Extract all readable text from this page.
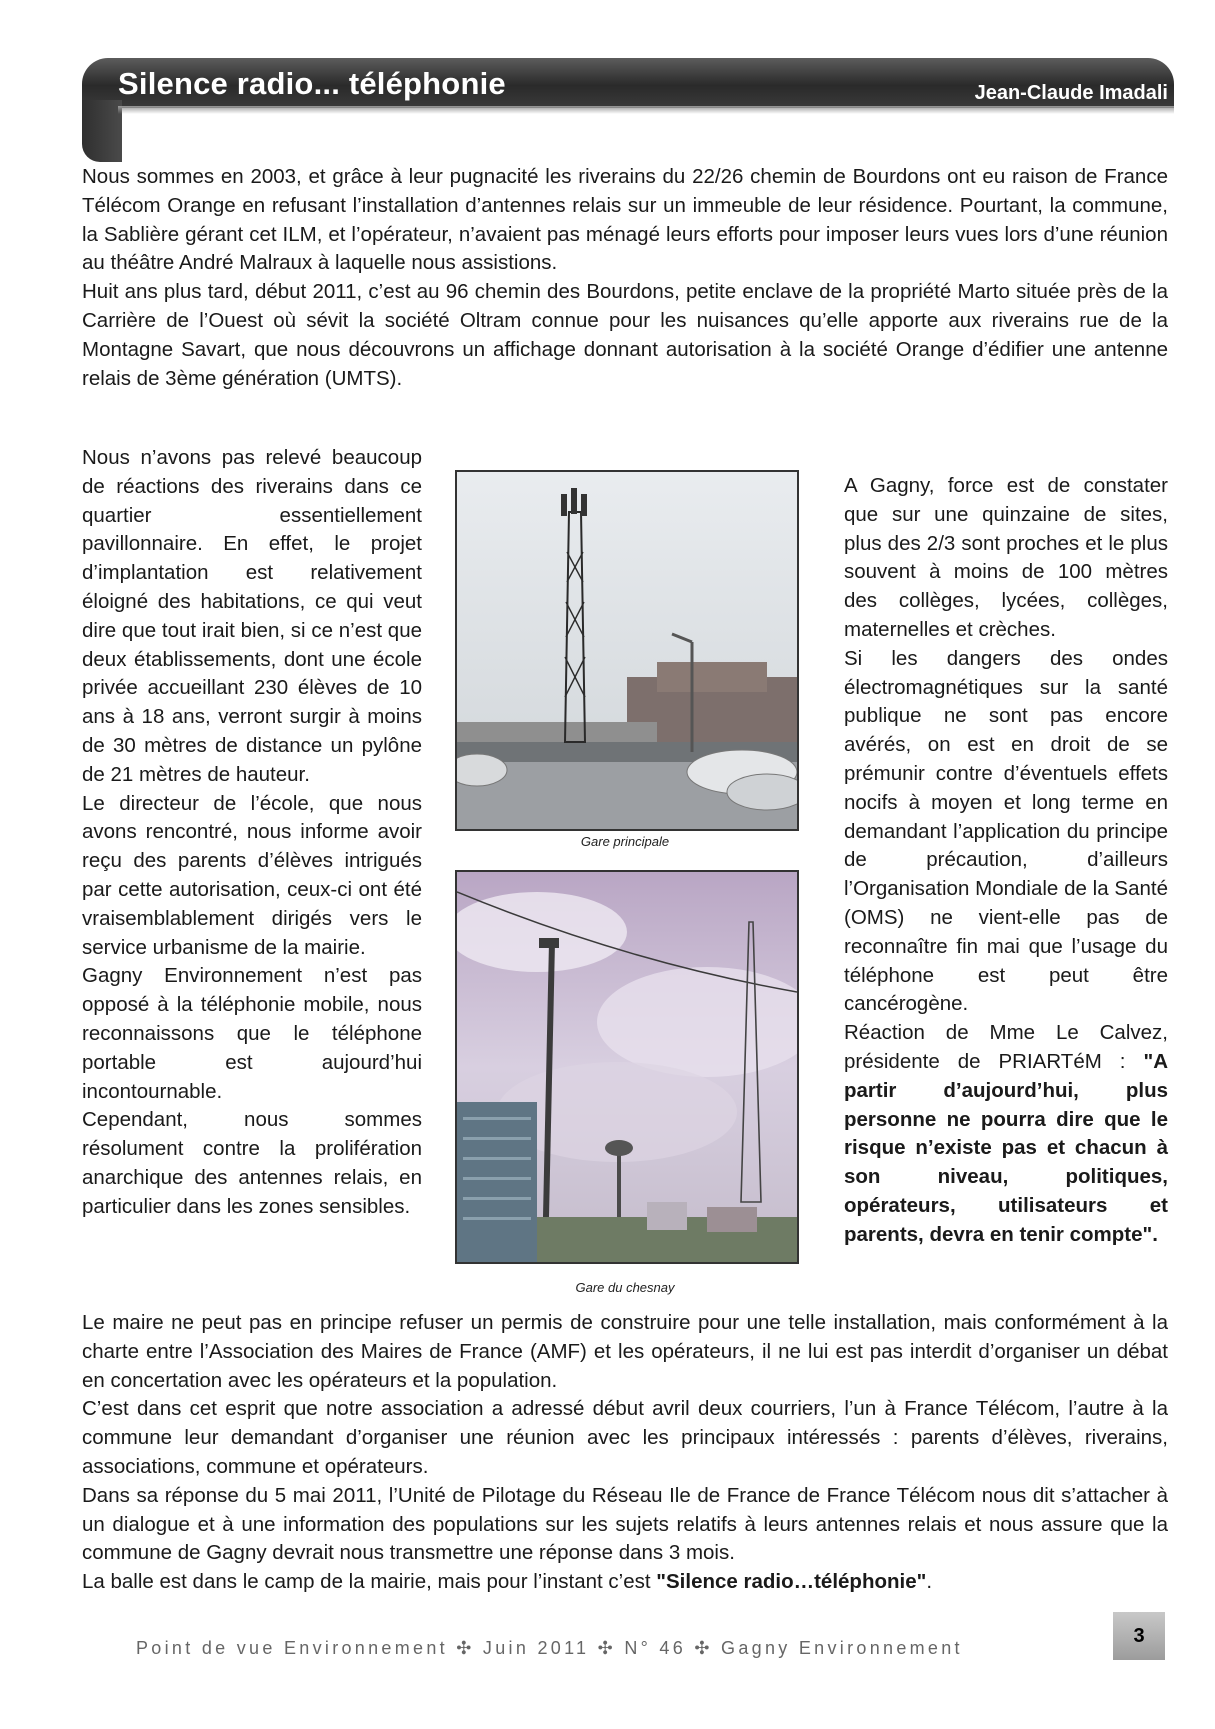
Silence radio... téléphonie	Jean-Claude Imadali

Nous sommes en 2003, et grâce à leur pugnacité les riverains du 22/26 chemin de Bourdons ont eu raison de France Télécom Orange en refusant l’installation d’antennes relais sur un immeuble de leur résidence. Pourtant, la commune, la Sablière gérant cet ILM, et l’opérateur, n’avaient pas ménagé leurs efforts pour imposer leurs vues lors d’une réunion au théâtre André Malraux à laquelle nous assistions.

Huit ans plus tard, début 2011, c’est au 96 chemin des Bourdons, petite enclave de la propriété Marto située près de la Carrière de l’Ouest où sévit la société Oltram connue pour les nuisances qu’elle apporte aux riverains rue de la Montagne Savart, que nous découvrons un affichage donnant autorisation à la société Orange d’édifier une antenne relais de 3ème génération (UMTS).

Nous n’avons pas relevé beaucoup de réactions des riverains dans ce quartier essentiellement pavillonnaire. En effet, le projet d’implantation est relativement éloigné des habitations, ce qui veut dire que tout irait bien, si ce n’est que deux établissements, dont une école privée accueillant 230 élèves de 10 ans à 18 ans, verront surgir à moins de 30 mètres de distance un pylône de 21 mètres de hauteur.

Le directeur de l’école, que nous avons rencontré, nous informe avoir reçu des parents d’élèves intrigués par cette autorisation, ceux-ci ont été vraisemblablement dirigés vers le service urbanisme de la mairie.

Gagny Environnement n’est pas opposé à la téléphonie mobile, nous reconnaissons que le téléphone portable est aujourd’hui incontournable.

Cependant, nous sommes résolument contre la prolifération anarchique des antennes relais, en particulier dans les zones sensibles.

Gare principale

Gare du chesnay

A Gagny, force est de constater que sur une quinzaine de sites, plus des 2/3 sont proches et le plus souvent à moins de 100 mètres des collèges, lycées, collèges, maternelles et crèches.

Si les dangers des ondes électromagnétiques sur la santé publique ne sont pas encore avérés, on est en droit de se prémunir contre d’éventuels effets nocifs à moyen et long terme en demandant l’application du principe de précaution, d’ailleurs l’Organisation Mondiale de la Santé (OMS) ne vient-elle pas de reconnaître fin mai que l’usage du téléphone est peut être cancérogène.

Réaction de Mme Le Calvez, présidente de PRIARTéM : "A partir d’aujourd’hui, plus personne ne pourra dire que le risque n’existe pas et chacun à son niveau, politiques, opérateurs, utilisateurs et parents, devra en tenir compte".

Le maire ne peut pas en principe refuser un permis de construire pour une telle installation, mais conformément à la charte entre l’Association des Maires de France (AMF) et les opérateurs, il ne lui est pas interdit d’organiser un débat en concertation avec les opérateurs et la population.

C’est dans cet esprit que notre association a adressé début avril deux courriers, l’un à France Télécom, l’autre à la commune leur demandant d’organiser une réunion avec les principaux intéressés : parents d’élèves, riverains, associations, commune et opérateurs.

Dans sa réponse du 5 mai 2011, l’Unité de Pilotage du Réseau Ile de France de France Télécom nous dit s’attacher à un dialogue et à une information des populations sur les sujets relatifs à leurs antennes relais et nous assure que la commune de Gagny devrait nous transmettre une réponse dans 3 mois.

La balle est dans le camp de la mairie, mais pour l’instant c’est "Silence radio…téléphonie".

Point de vue Environnement ✣ Juin 2011 ✣ N° 46 ✣ Gagny Environnement

3
